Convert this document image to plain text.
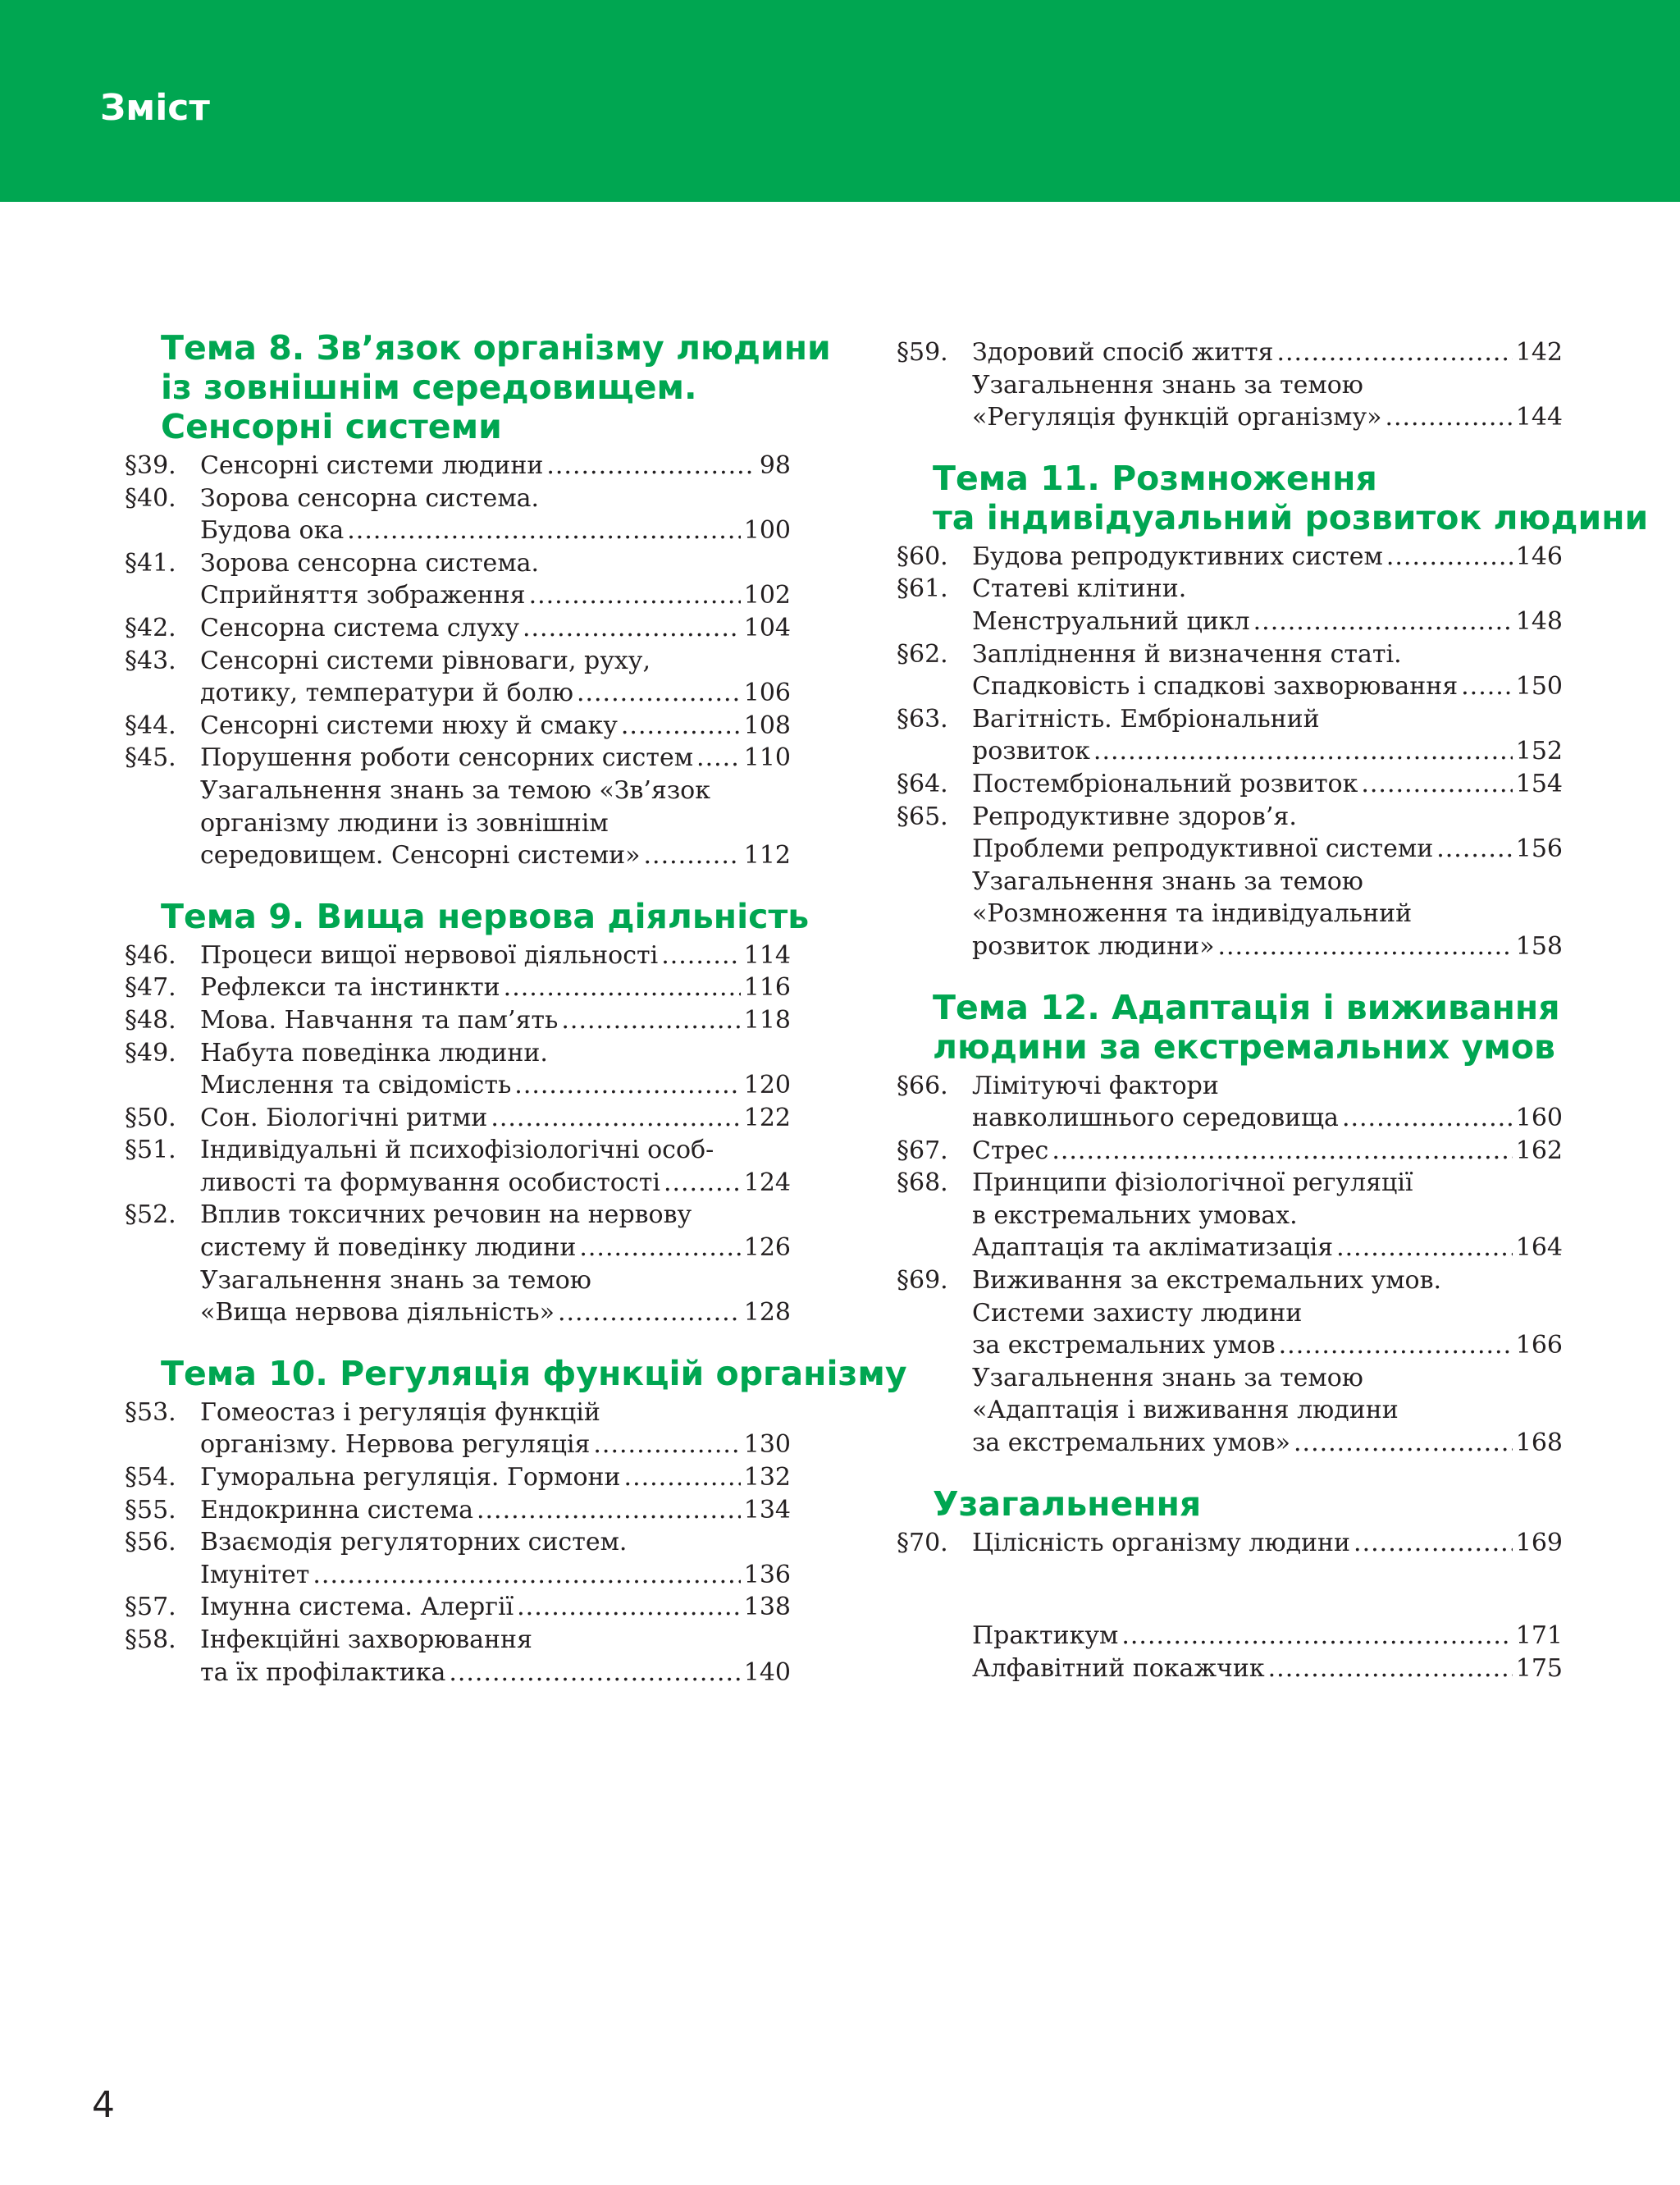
Зміст
Тема 8. Зв’язок організму людини
із зовнішнім середовищем.
Сенсорні системи
§39. Сенсорні системи людини .....	98
§40. Зорова сенсорна система.
Будова ока .....	100
§41. Зорова сенсорна система.
Сприйняття зображення .....	102
§42. Сенсорна система слуху .....	104
§43. Сенсорні системи рівноваги, руху,
дотику, температури й болю .....	106
§44. Сенсорні системи нюху й смаку .....	108
§45. Порушення роботи сенсорних систем ..... 110
Узагальнення знань за темою «Зв’язок
організму людини із зовнішнім
середовищем. Сенсорні системи» .....	112
Тема 9. Вища нервова діяльність
§46. Процеси вищої нервової діяльності .....	114
§47. Рефлекси та інстинкти .....	116
§48. Мова. Навчання та пам’ять .....	118
§49. Набута поведінка людини.
Мислення та свідомість .....	120
§50. Сон. Біологічні ритми .....	122
§51. Індивідуальні й психофізіологічні особ-
ливості та формування особистості .....	124
§52. Вплив токсичних речовин на нервову
систему й поведінку людини .....	126
Узагальнення знань за темою
«Вища нервова діяльність» .....	128
Тема 10. Регуляція функцій організму
§53. Гомеостаз і регуляція функцій
організму. Нервова регуляція .....	130
§54. Гуморальна регуляція. Гормони .....	132
§55. Ендокринна система .....	134
§56. Взаємодія регуляторних систем.
Імунітет .....	136
§57. Імунна система. Алергії .....	138
§58. Інфекційні захворювання
та їх профілактика .....	140
§59. Здоровий спосіб життя .....	142
Узагальнення знань за темою
«Регуляція функцій організму» .....	144
Тема 11. Розмноження
та індивідуальний розвиток людини
§60. Будова репродуктивних систем .....	146
§61. Статеві клітини.
Менструальний цикл .....	148
§62. Запліднення й визначення статі.
Спадковість і спадкові захворювання ..... 150
§63. Вагітність. Ембріональний
розвиток .....	152
§64. Постембріональний розвиток .....	154
§65. Репродуктивне здоров’я.
Проблеми репродуктивної системи .....	156
Узагальнення знань за темою
«Розмноження та індивідуальний
розвиток людини» .....	158
Тема 12. Адаптація і виживання
людини за екстремальних умов
§66. Лімітуючі фактори
навколишнього середовища .....	160
§67. Стрес .....	162
§68. Принципи фізіологічної регуляції
в екстремальних умовах.
Адаптація та акліматизація .....	164
§69. Виживання за екстремальних умов.
Системи захисту людини
за екстремальних умов .....	166
Узагальнення знань за темою
«Адаптація і виживання людини
за екстремальних умов» .....	168
Узагальнення
§70. Цілісність організму людини .....	169
Практикум .....	171
Алфавітний покажчик .....	175

4
